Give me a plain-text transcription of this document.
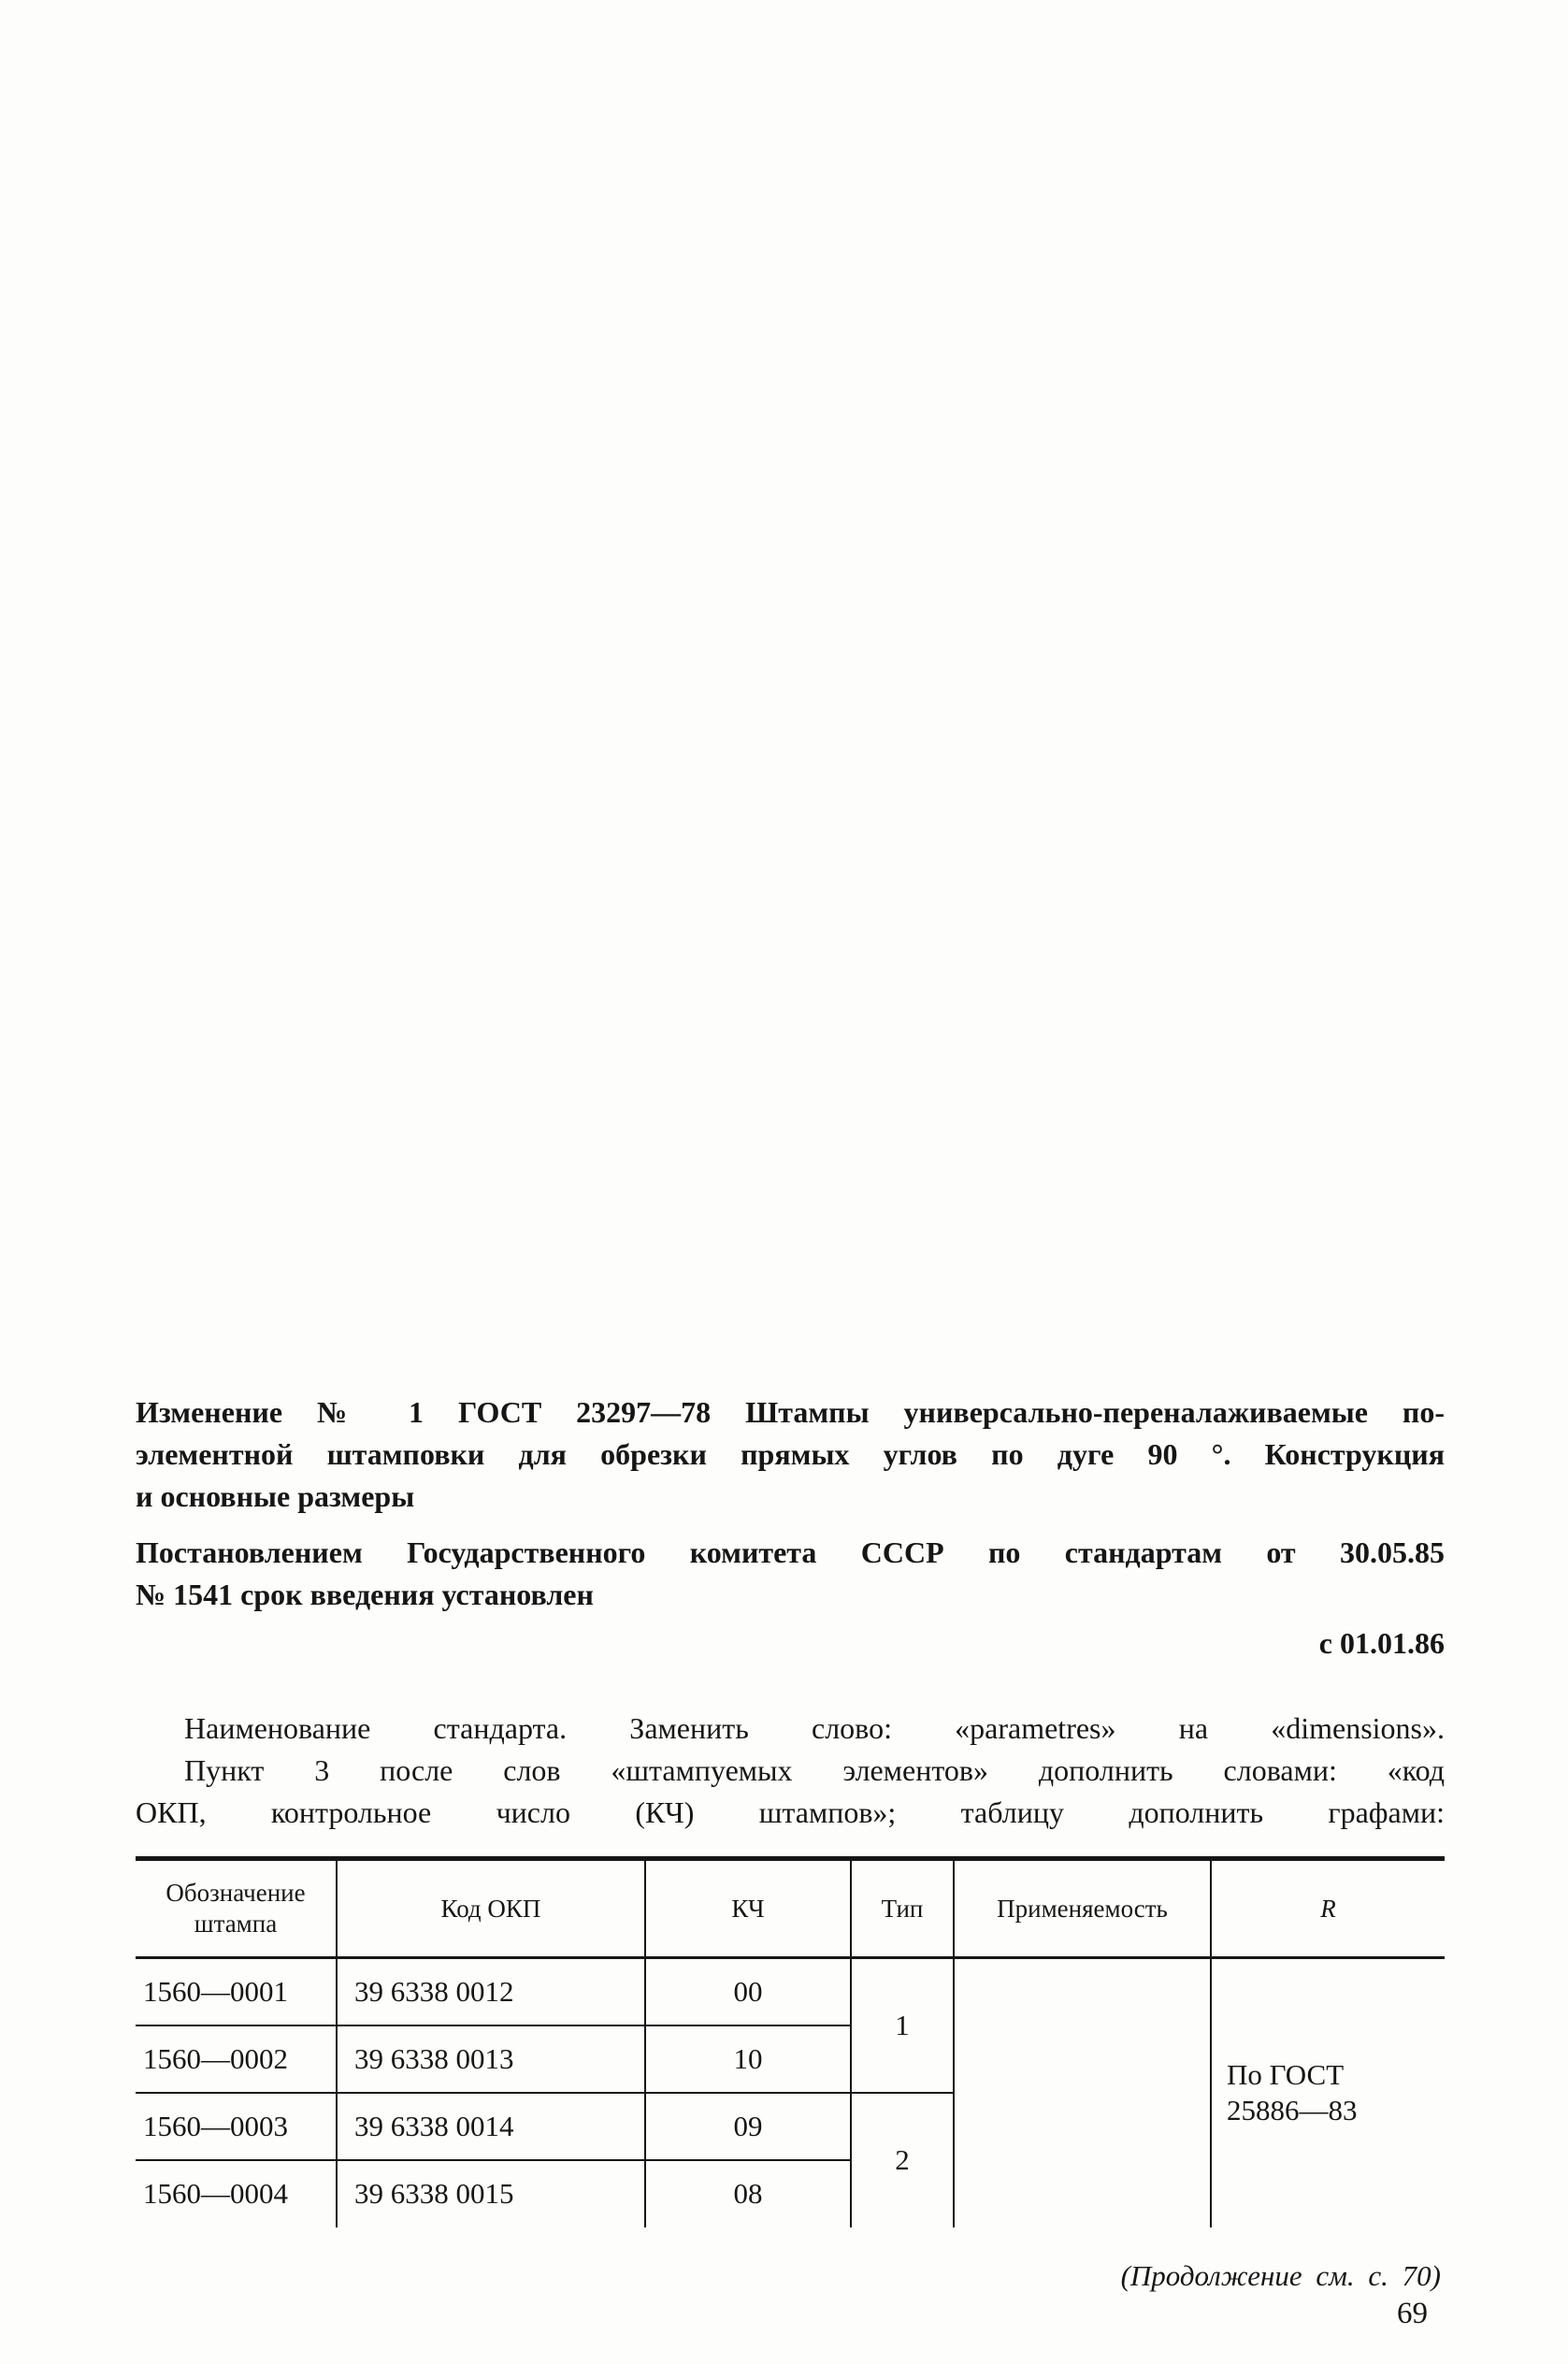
Изменение № 1 ГОСТ 23297—78 Штампы универсально-переналаживаемые по-
элементной штамповки для обрезки прямых углов по дуге 90 °. Конструкция
и основные размеры
Постановлением Государственного комитета СССР по стандартам от 30.05.85
№ 1541 срок введения установлен
с 01.01.86
Наименование стандарта. Заменить слово: «parametres» на «dimensions».
Пункт 3 после слов «штампуемых элементов» дополнить словами: «код
ОКП, контрольное число (КЧ) штампов»; таблицу дополнить графами:
Обозначение штампа	Код ОКП	КЧ	Тип	Применяемость	R
1560—0001	39 6338 0012	00	1		По ГОСТ 25886—83

1560—0002	39 6338 0013	10			
1560—0003	39 6338 0014	09	2		
1560—0004	39 6338 0015	08			
(Продолжение см. с. 70)
69
